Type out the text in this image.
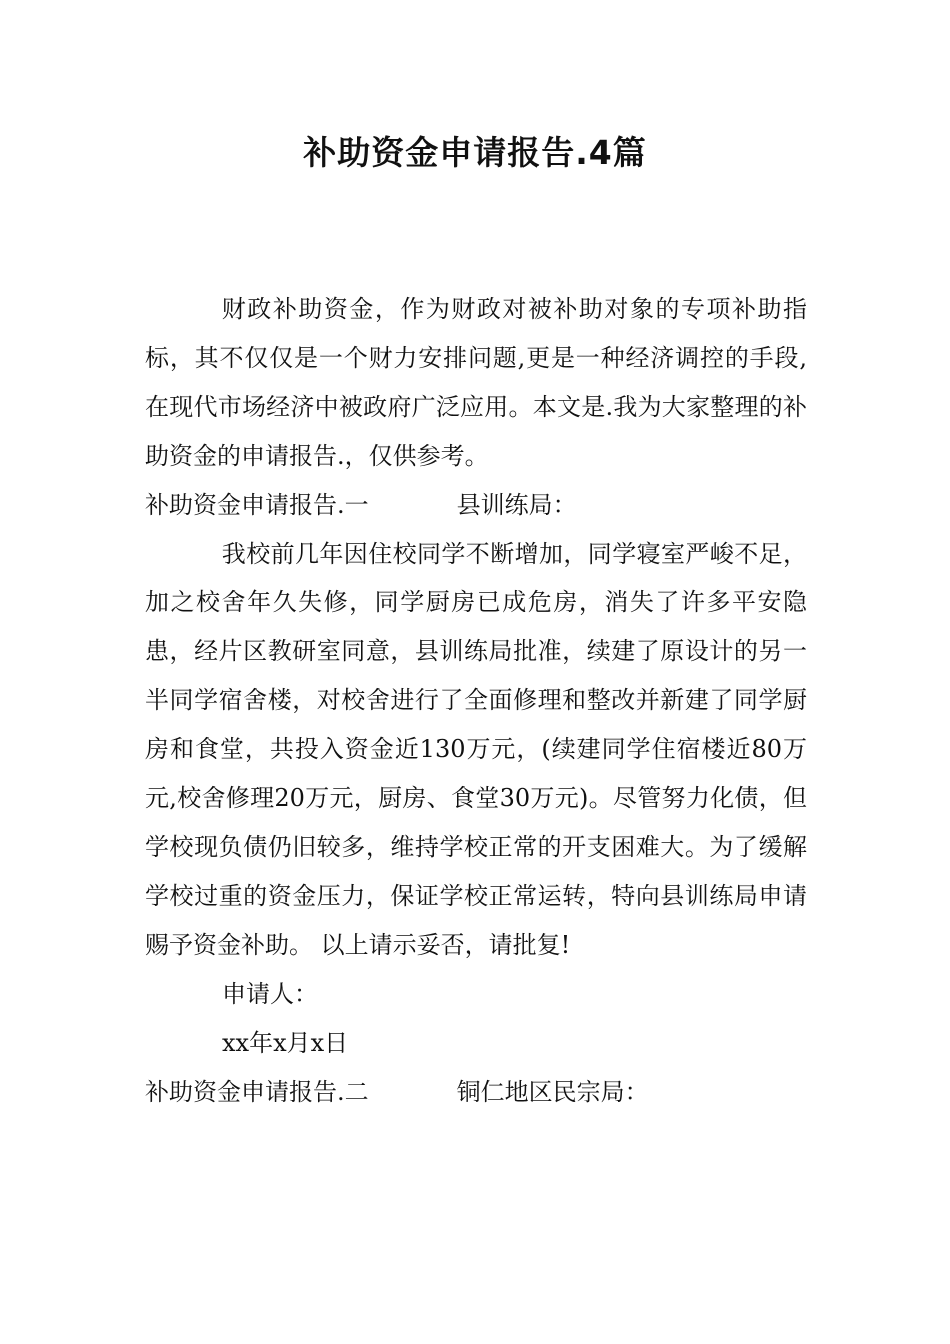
补助资金申请报告.4篇

财政补助资金，作为财政对被补助对象的专项补助指标，其不仅仅是一个财力安排问题,更是一种经济调控的手段,在现代市场经济中被政府广泛应用。本文是.我为大家整理的补助资金的申请报告.，仅供参考。

补助资金申请报告.一	县训练局：

我校前几年因住校同学不断增加，同学寝室严峻不足，加之校舍年久失修，同学厨房已成危房，消失了许多平安隐患，经片区教研室同意，县训练局批准，续建了原设计的另一半同学宿舍楼，对校舍进行了全面修理和整改并新建了同学厨房和食堂，共投入资金近130万元，(续建同学住宿楼近80万元,校舍修理20万元，厨房、食堂30万元)。尽管努力化债，但学校现负债仍旧较多，维持学校正常的开支困难大。为了缓解学校过重的资金压力，保证学校正常运转，特向县训练局申请赐予资金补助。 以上请示妥否，请批复!

申请人：

xx年x月x日

补助资金申请报告.二	铜仁地区民宗局：
